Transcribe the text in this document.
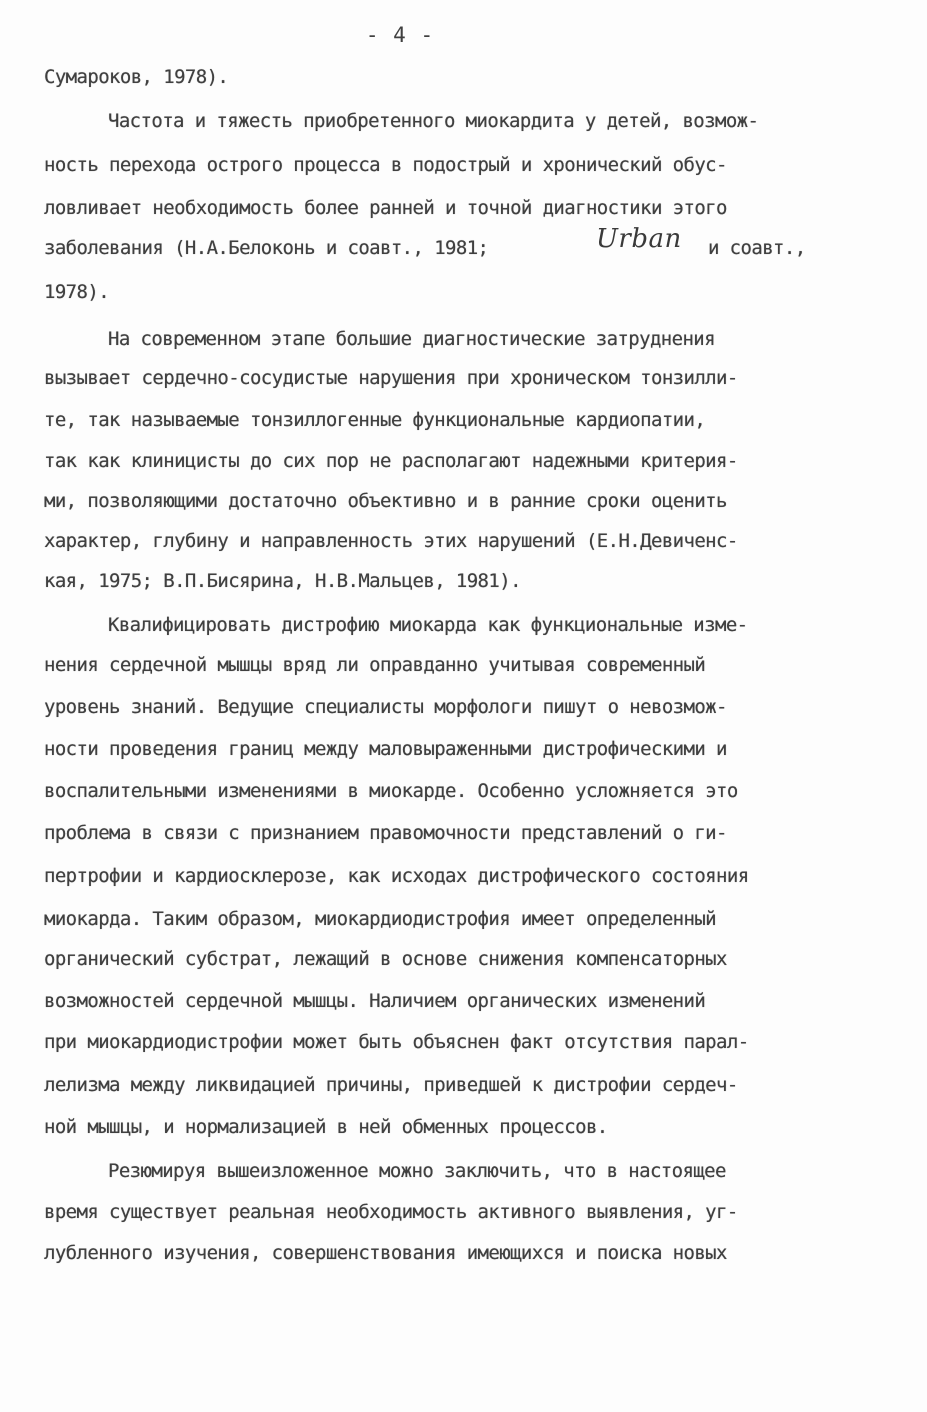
- 4 -
Сумароков, 1978).
Частота и тяжесть приобретенного миокардита у детей, возмож-
ность перехода острого процесса в подострый и хронический обус-
ловливает необходимость более ранней и точной диагностики этого
заболевания (Н.А.Белоконь и соавт., 1981;	Urban и соавт.,
1978).
На современном этапе большие диагностические затруднения
вызывает сердечно-сосудистые нарушения при хроническом тонзилли-
те, так называемые тонзиллогенные функциональные кардиопатии,
так как клиницисты до сих пор не располагают надежными критерия-
ми, позволяющими достаточно объективно и в ранние сроки оценить
характер, глубину и направленность этих нарушений (Е.Н.Девиченс-
кая, 1975; В.П.Бисярина, Н.В.Мальцев, 1981).
Квалифицировать дистрофию миокарда как функциональные изме-
нения сердечной мышцы вряд ли оправданно учитывая современный
уровень знаний. Ведущие специалисты морфологи пишут о невозмож-
ности проведения границ между маловыраженными дистрофическими и
воспалительными изменениями в миокарде. Особенно усложняется это
проблема в связи с признанием правомочности представлений о ги-
пертрофии и кардиосклерозе, как исходах дистрофического состояния
миокарда. Таким образом, миокардиодистрофия имеет определенный
органический субстрат, лежащий в основе снижения компенсаторных
возможностей сердечной мышцы. Наличием органических изменений
при миокардиодистрофии может быть объяснен факт отсутствия парал-
лелизма между ликвидацией причины, приведшей к дистрофии сердеч-
ной мышцы, и нормализацией в ней обменных процессов.
Резюмируя вышеизложенное можно заключить, что в настоящее
время существует реальная необходимость активного выявления, уг-
лубленного изучения, совершенствования имеющихся и поиска новых
